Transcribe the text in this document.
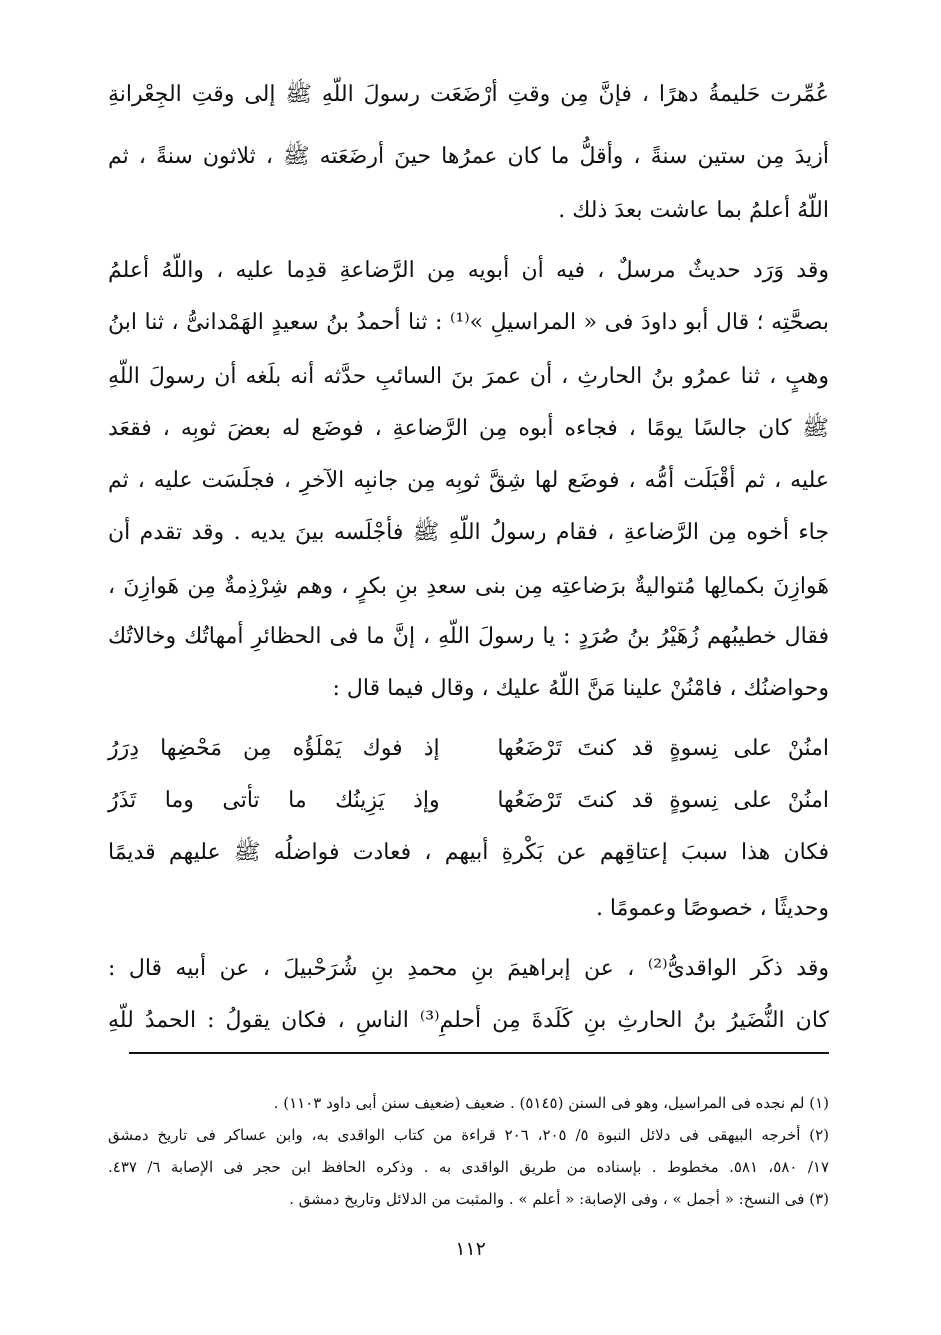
عُمِّرت حَليمةُ دهرًا ، فإنَّ مِن وقتِ أرْضَعَت رسولَ اللّهِ ﷺ إلى وقتِ الجِعْرانةِ
أزيدَ مِن ستين سنةً ، وأقلُّ ما كان عمرُها حينَ أرضَعَته ﷺ ، ثلاثون سنةً ، ثم
اللّهُ أعلمُ بما عاشت بعدَ ذلك .
وقد وَرَد حديثٌ مرسلٌ ، فيه أن أبويه مِن الرَّضاعةِ قدِما عليه ، واللّهُ أعلمُ
بصحَّتِه ؛ قال أبو داودَ فى « المراسيلِ »⁽¹⁾ : ثنا أحمدُ بنُ سعيدٍ الهَمْدانىُّ ، ثنا ابنُ
وهبٍ ، ثنا عمرُو بنُ الحارثِ ، أن عمرَ بنَ السائبِ حدَّثه أنه بلَغه أن رسولَ اللّهِ
ﷺ كان جالسًا يومًا ، فجاءه أبوه مِن الرَّضاعةِ ، فوضَع له بعضَ ثوبِه ، فقعَد
عليه ، ثم أقْبَلَت أمُّه ، فوضَع لها شِقَّ ثوبِه مِن جانبِه الآخرِ ، فجلَسَت عليه ، ثم
جاء أخوه مِن الرَّضاعةِ ، فقام رسولُ اللّهِ ﷺ فأجْلَسه بينَ يديه . وقد تقدم أن
هَوازِنَ بكمالِها مُتواليةٌ برَضاعتِه مِن بنى سعدِ بنِ بكرٍ ، وهم شِرْذِمةٌ مِن هَوازِنَ ،
فقال خطيبُهم زُهَيْرُ بنُ صُرَدٍ : يا رسولَ اللّهِ ، إنَّ ما فى الحظائرِ أمهاتُك وخالاتُك
وحواضنُك ، فامْنُنْ علينا مَنَّ اللّهُ عليك ، وقال فيما قال :
امنُنْ على نِسوةٍ قد كنتَ تَرْضَعُها
إذ فوك يَمْلَؤُه مِن مَحْضِها دِرَرُ
امنُنْ على نِسوةٍ قد كنتَ تَرْضَعُها
وإذ يَزِينُك ما تأتى وما تَذَرُ
فكان هذا سببَ إعتاقِهم عن بَكْرةِ أبيهم ، فعادت فواضلُه ﷺ عليهم قديمًا
وحديثًا ، خصوصًا وعمومًا .
وقد ذكَر الواقدىُّ⁽²⁾ ، عن إبراهيمَ بنِ محمدِ بنِ شُرَحْبيلَ ، عن أبيه قال :
كان النُّضَيرُ بنُ الحارثِ بنِ كَلَدةَ مِن أحلمِ⁽³⁾ الناسِ ، فكان يقولُ : الحمدُ للّهِ
(١) لم نجده فى المراسيل، وهو فى السنن (٥١٤٥) . ضعيف (ضعيف سنن أبى داود ١١٠٣) .
(٢) أخرجه البيهقى فى دلائل النبوة ٥/ ٢٠٥، ٢٠٦ قراءة من كتاب الواقدى به، وابن عساكر فى تاريخ دمشق
١٧/ ٥٨٠، ٥٨١. مخطوط . بإسناده من طريق الواقدى به . وذكره الحافظ ابن حجر فى الإصابة ٦/ ٤٣٧.
(٣) فى النسخ: « أجمل » ، وفى الإصابة: « أعلم » . والمثبت من الدلائل وتاريخ دمشق .
١١٢
